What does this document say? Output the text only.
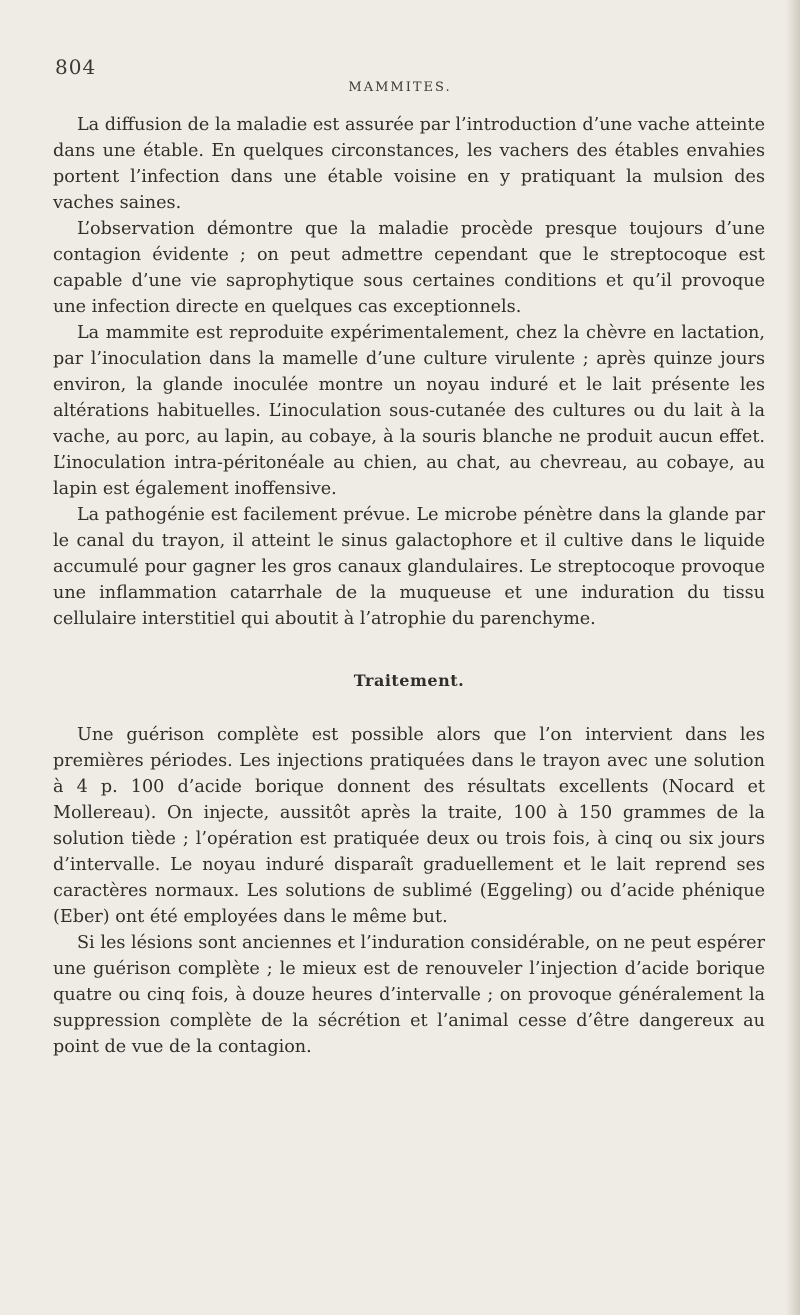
804
MAMMITES.

La diffusion de la maladie est assurée par l’introduction d’une vache atteinte dans une étable. En quelques circonstances, les vachers des étables envahies portent l’infection dans une étable voisine en y pratiquant la mulsion des vaches saines.

L’observation démontre que la maladie procède presque toujours d’une contagion évidente ; on peut admettre cependant que le streptocoque est capable d’une vie saprophytique sous certaines conditions et qu’il provoque une infection directe en quelques cas exceptionnels.

La mammite est reproduite expérimentalement, chez la chèvre en lactation, par l’inoculation dans la mamelle d’une culture virulente ; après quinze jours environ, la glande inoculée montre un noyau induré et le lait présente les altérations habituelles. L’inoculation sous-cutanée des cultures ou du lait à la vache, au porc, au lapin, au cobaye, à la souris blanche ne produit aucun effet. L’inoculation intra-péritonéale au chien, au chat, au chevreau, au cobaye, au lapin est également inoffensive.

La pathogénie est facilement prévue. Le microbe pénètre dans la glande par le canal du trayon, il atteint le sinus galactophore et il cultive dans le liquide accumulé pour gagner les gros canaux glandulaires. Le streptocoque provoque une inflammation catarrhale de la muqueuse et une induration du tissu cellulaire interstitiel qui aboutit à l’atrophie du parenchyme.

Traitement.

Une guérison complète est possible alors que l’on intervient dans les premières périodes. Les injections pratiquées dans le trayon avec une solution à 4 p. 100 d’acide borique donnent des résultats excellents (Nocard et Mollereau). On injecte, aussitôt après la traite, 100 à 150 grammes de la solution tiède ; l’opération est pratiquée deux ou trois fois, à cinq ou six jours d’intervalle. Le noyau induré disparaît graduellement et le lait reprend ses caractères normaux. Les solutions de sublimé (Eggeling) ou d’acide phénique (Eber) ont été employées dans le même but.

Si les lésions sont anciennes et l’induration considérable, on ne peut espérer une guérison complète ; le mieux est de renouveler l’injection d’acide borique quatre ou cinq fois, à douze heures d’intervalle ; on provoque généralement la suppression complète de la sécrétion et l’animal cesse d’être dangereux au point de vue de la contagion.
